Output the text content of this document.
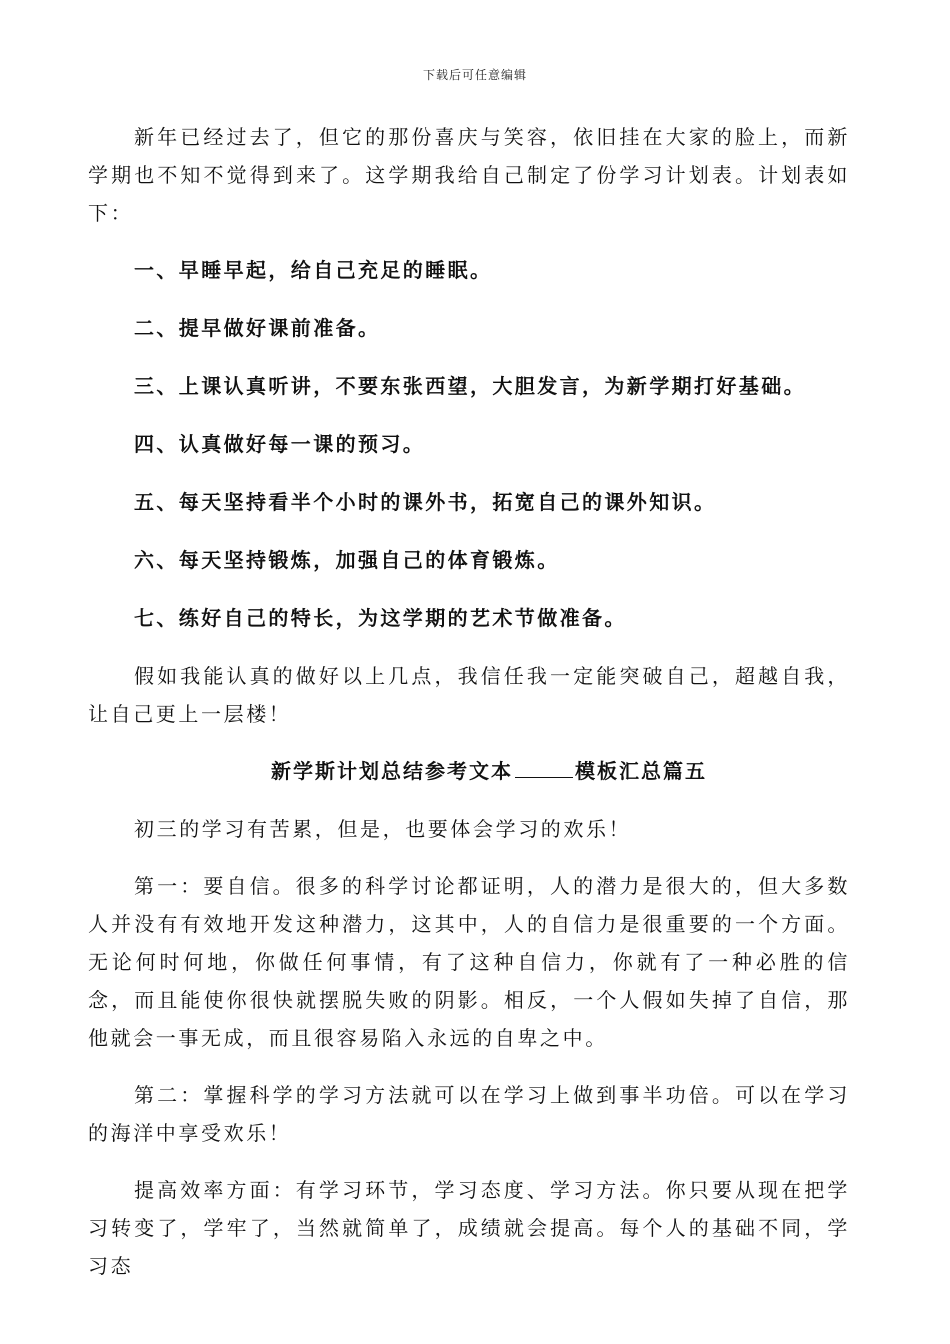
下载后可任意编辑

新年已经过去了，但它的那份喜庆与笑容，依旧挂在大家的脸上，而新学期也不知不觉得到来了。这学期我给自己制定了份学习计划表。计划表如下：

一、早睡早起，给自己充足的睡眠。

二、提早做好课前准备。

三、上课认真听讲，不要东张西望，大胆发言，为新学期打好基础。

四、认真做好每一课的预习。

五、每天坚持看半个小时的课外书，拓宽自己的课外知识。

六、每天坚持锻炼，加强自己的体育锻炼。

七、练好自己的特长，为这学期的艺术节做准备。

假如我能认真的做好以上几点，我信任我一定能突破自己，超越自我，让自己更上一层楼！

新学斯计划总结参考文本	模板汇总篇五

初三的学习有苦累，但是，也要体会学习的欢乐！

第一：要自信。很多的科学讨论都证明，人的潜力是很大的，但大多数人并没有有效地开发这种潜力，这其中，人的自信力是很重要的一个方面。无论何时何地，你做任何事情，有了这种自信力，你就有了一种必胜的信念，而且能使你很快就摆脱失败的阴影。相反，一个人假如失掉了自信，那他就会一事无成，而且很容易陷入永远的自卑之中。

第二：掌握科学的学习方法就可以在学习上做到事半功倍。可以在学习的海洋中享受欢乐！

提高效率方面：有学习环节，学习态度、学习方法。你只要从现在把学习转变了，学牢了，当然就简单了，成绩就会提高。每个人的基础不同，学习态
